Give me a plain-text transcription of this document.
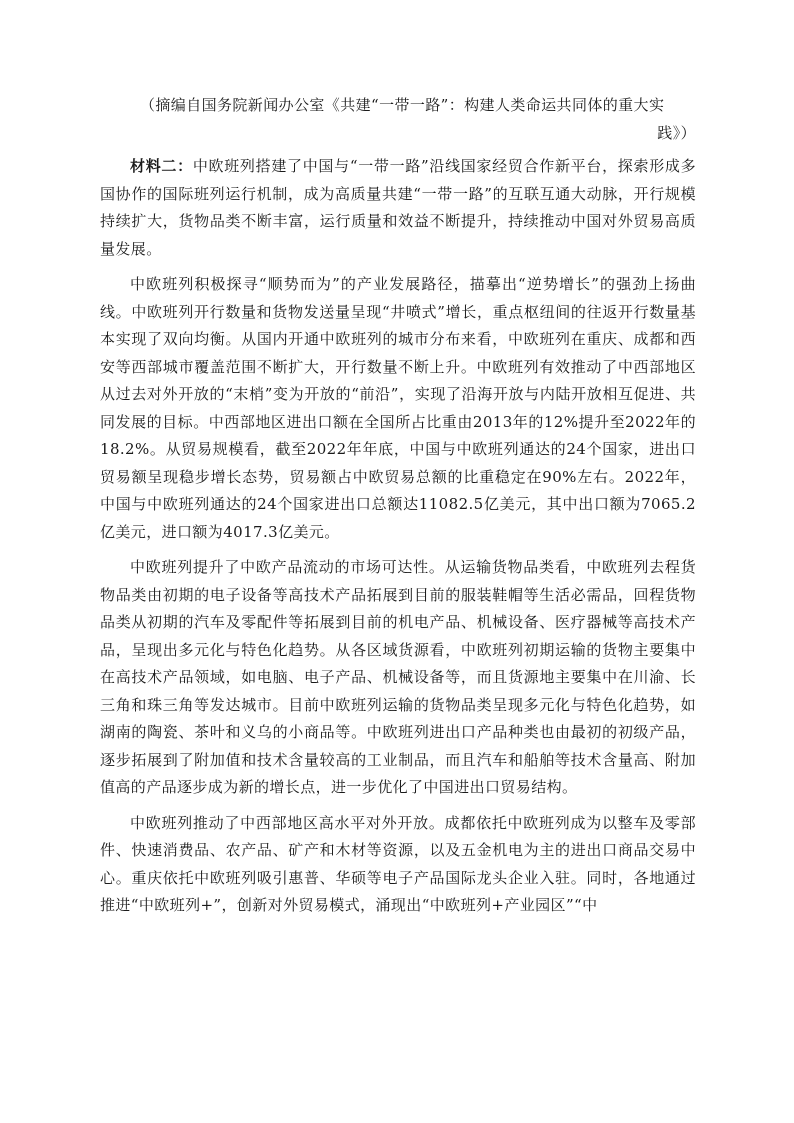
（摘编自国务院新闻办公室《共建“一带一路”：构建人类命运共同体的重大实
践》）

材料二：中欧班列搭建了中国与“一带一路”沿线国家经贸合作新平台，探索形成多国协作的国际班列运行机制，成为高质量共建“一带一路”的互联互通大动脉，开行规模持续扩大，货物品类不断丰富，运行质量和效益不断提升，持续推动中国对外贸易高质量发展。

中欧班列积极探寻“顺势而为”的产业发展路径，描摹出“逆势增长”的强劲上扬曲线。中欧班列开行数量和货物发送量呈现“井喷式”增长，重点枢纽间的往返开行数量基本实现了双向均衡。从国内开通中欧班列的城市分布来看，中欧班列在重庆、成都和西安等西部城市覆盖范围不断扩大，开行数量不断上升。中欧班列有效推动了中西部地区从过去对外开放的“末梢”变为开放的“前沿”，实现了沿海开放与内陆开放相互促进、共同发展的目标。中西部地区进出口额在全国所占比重由2013年的12%提升至2022年的18.2%。从贸易规模看，截至2022年年底，中国与中欧班列通达的24个国家，进出口贸易额呈现稳步增长态势，贸易额占中欧贸易总额的比重稳定在90%左右。2022年，中国与中欧班列通达的24个国家进出口总额达11082.5亿美元，其中出口额为7065.2亿美元，进口额为4017.3亿美元。

中欧班列提升了中欧产品流动的市场可达性。从运输货物品类看，中欧班列去程货物品类由初期的电子设备等高技术产品拓展到目前的服装鞋帽等生活必需品，回程货物品类从初期的汽车及零配件等拓展到目前的机电产品、机械设备、医疗器械等高技术产品，呈现出多元化与特色化趋势。从各区域货源看，中欧班列初期运输的货物主要集中在高技术产品领域，如电脑、电子产品、机械设备等，而且货源地主要集中在川渝、长三角和珠三角等发达城市。目前中欧班列运输的货物品类呈现多元化与特色化趋势，如湖南的陶瓷、茶叶和义乌的小商品等。中欧班列进出口产品种类也由最初的初级产品，逐步拓展到了附加值和技术含量较高的工业制品，而且汽车和船舶等技术含量高、附加值高的产品逐步成为新的增长点，进一步优化了中国进出口贸易结构。

中欧班列推动了中西部地区高水平对外开放。成都依托中欧班列成为以整车及零部件、快速消费品、农产品、矿产和木材等资源，以及五金机电为主的进出口商品交易中心。重庆依托中欧班列吸引惠普、华硕等电子产品国际龙头企业入驻。同时，各地通过推进“中欧班列+”，创新对外贸易模式，涌现出“中欧班列+产业园区”“中
